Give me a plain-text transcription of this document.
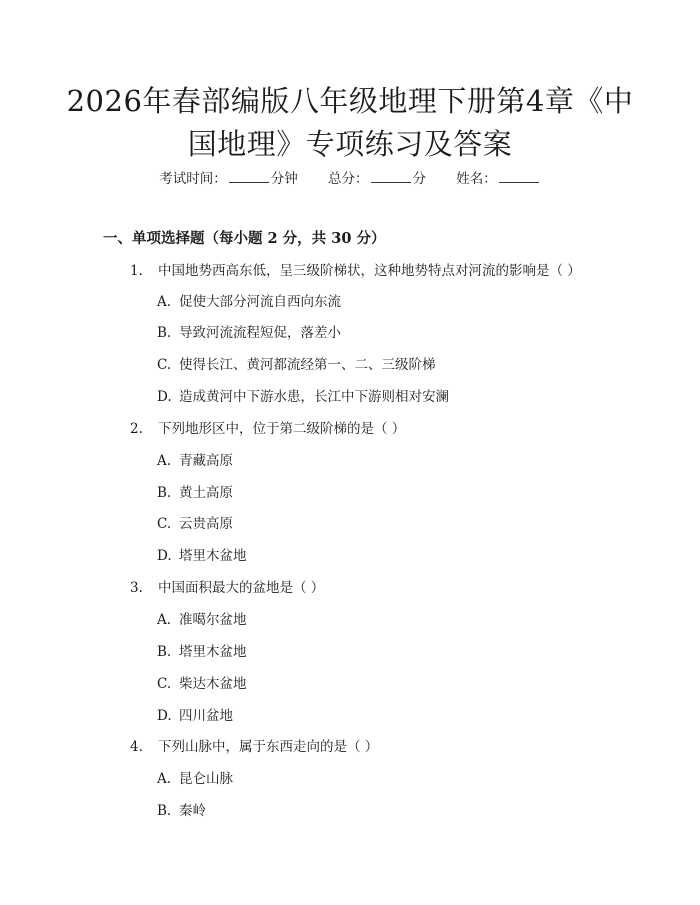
2026年春部编版八年级地理下册第4章《中
国地理》专项练习及答案
考试时间：	分钟 总分：	分 姓名：
一、单项选择题（每小题 2 分，共 30 分）
1. 中国地势西高东低，呈三级阶梯状，这种地势特点对河流的影响是（ ）
A. 促使大部分河流自西向东流
B. 导致河流流程短促，落差小
C. 使得长江、黄河都流经第一、二、三级阶梯
D. 造成黄河中下游水患，长江中下游则相对安澜
2. 下列地形区中，位于第二级阶梯的是（ ）
A. 青藏高原
B. 黄土高原
C. 云贵高原
D. 塔里木盆地
3. 中国面积最大的盆地是（ ）
A. 准噶尔盆地
B. 塔里木盆地
C. 柴达木盆地
D. 四川盆地
4. 下列山脉中，属于东西走向的是（ ）
A. 昆仑山脉
B. 秦岭
